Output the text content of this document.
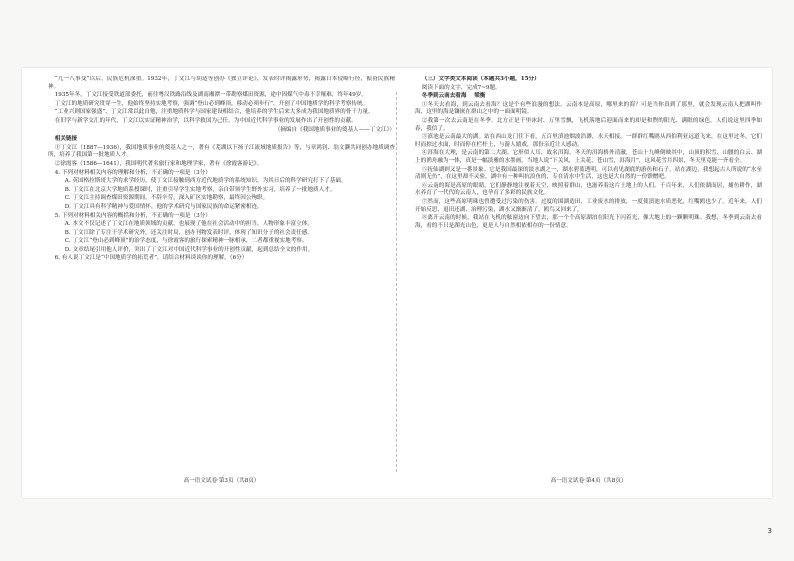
“九一八事变”以后，民族危机深重。1932年，丁文江与胡适等创办《独立评论》，发表时评揭露形势，揭露日本侵略行径，振奋民族精神。

1935年冬，丁文江接受铁道部委托，前往粤汉铁路沿线及湖南湘潭一带勘察煤田资源，途中因煤气中毒不幸罹难，终年49岁。

丁文江的地质研究贯穿一生，他始终坚持实地考察，强调“登山必到峰顶，移动必须步行”，开创了中国地质学的科学考察传统。

“工业兴则国家强盛”，丁文江常以此自勉，注重地质科学与国家建设相结合，他培养的学生后来大多成为我国地质界的骨干力量。

在旧学与新学交汇的年代，丁文江以实证精神治学，以科学救国为己任，为中国近代科学事业的发展作出了开创性的贡献。

（摘编自《我国地质事业的奠基人——丁文江》）

相关链接

①丁文江（1887—1936），我国地质事业的奠基人之一，著有《芜湖以下扬子江流域地质报告》等，与章鸿钊、翁文灏共同创办地质调查所，培养了我国第一批地质人才。

②徐霞客（1586—1641），我国明代著名旅行家和地理学家，著有《徐霞客游记》。

4. 下列对材料相关内容的理解和分析，不正确的一项是（3分）

A. 英国格拉斯哥大学的求学经历，使丁文江接触到西方近代地质学的系统知识，为其日后的科学研究打下了基础。

B. 丁文江在北京大学地质系授课时，注重引导学生实地考察，亲自带领学生野外实习，培养了一批地质人才。

C. 丁文江主持调查煤田资源期间，不辞辛劳，深入矿区实地勘察，最终因公殉职。

D. 丁文江具有科学精神与爱国情怀，他的学术研究与国家民族的命运紧密相连。

5. 下列对材料相关内容的概括和分析，不正确的一项是（3分）

A. 本文不仅记述了丁文江在地质领域的贡献，也展现了他在社会活动中的担当，人物形象丰富立体。

B. 丁文江除了专注于学术研究外，还关注时局，创办刊物发表时评，体现了知识分子的社会责任感。

C. 丁文江“登山必到峰顶”的治学态度，与徐霞客的旅行探索精神一脉相承，二者都重视实地考察。

D. 文章结尾引用他人评价，突出了丁文江对中国近代科学事业的开创性贡献，起到总结全文的作用。

6. 有人说丁文江是“中国地质学的拓荒者”，请结合材料谈谈你的理解。（6分）

高一语文试卷·第3页（共8页）

（三）文学类文本阅读（本题共3小题，15分）

阅读下面的文字，完成7~9题。

冬季到云南去看海 梁衡

①冬天去看海，到云南去看海？这是个有些浪漫的想法。云南本是高原，哪里来的海？可是当你真到了那里，就会发现云南人把湖叫作海，这里的海是镶嵌在群山之中的一面面明镜。

②我第一次去云南是在冬季。北方正是千里冰封、万里雪飘，飞机落地后迎面而来的却是和煦的阳光、满眼的绿色。人们说这里四季如春，我信了。

③滇池是云南最大的湖。站在西山龙门往下看，五百里滇池烟波浩渺，水天相接。一群群红嘴鸥从西伯利亚远道飞来，在这里过冬，它们时而掠过水面，时而停在栏杆上，与游人嬉戏，那份亲近让人感动。

④洱海在大理，是云南的第二大湖。它形似人耳，故名洱海。冬天的洱海格外清澈，苍山十九峰倒映其中，山顶的积雪、山腰的白云、湖上的渔舟融为一体，真是一幅淡雅的水墨画。当地人说“下关风，上关花，苍山雪，洱海月”，这风花雪月四景，冬天里竟能一齐看全。

⑤抚仙湖则又是一番景象。它是我国最深的淡水湖之一，湖水碧蓝透明，可以看见湖底的游鱼和石子。站在湖边，我想起古人所说的“水至清则无鱼”，在这里却不灵验，湖中有一种叫抗浪鱼的，专在清水中生活，这也是大自然的一份馈赠吧。

⑥云南的海是高原的眼睛，它们静静地注视着天空，映照着群山，也滋养着这片土地上的人们。千百年来，人们依湖而居，捕鱼耕作，湖水养育了一代代的云南人，也孕育了多彩的民族文化。

⑦然而，这些高原明珠也曾遭受过污染的伤害。过度的围湖造田、工业废水的排放，一度使滇池水质恶化，红嘴鸥也少了。近年来，人们开始反思，退田还湖、治理污染，湖水又渐渐清了，鸥鸟又回来了。

⑧离开云南的时候，我站在飞机的舷窗边向下望去，那一个个高原湖泊在阳光下闪着光，像大地上的一颗颗明珠。我想，冬季到云南去看海，看的不只是湖光山色，更是人与自然相依相存的一份情意。

高一语文试卷·第4页（共8页）
3
